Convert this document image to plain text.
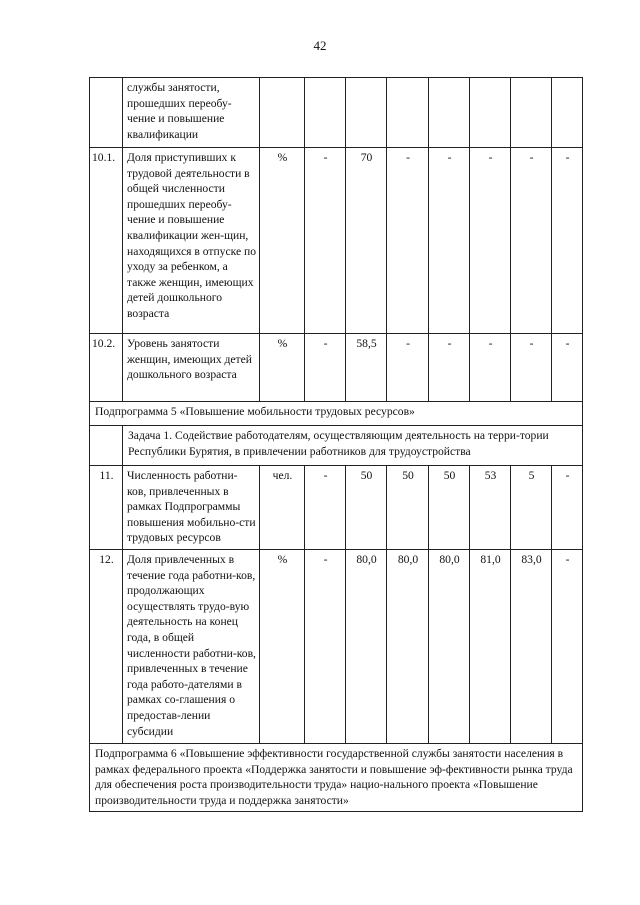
42
	службы занятости, прошедших переобу-чение и повышение квалификации								
10.1.	Доля приступивших к трудовой деятельности в общей численности прошедших переобу-чение и повышение квалификации жен-щин, находящихся в отпуске по уходу за ребенком, а также женщин, имеющих детей дошкольного возраста	%	-	70	-	-	-	-	-
10.2.	Уровень занятости женщин, имеющих детей дошкольного возраста	%	-	58,5	-	-	-	-	-
Подпрограмма 5 «Повышение мобильности трудовых ресурсов»									
	Задача 1. Содействие работодателям, осуществляющим деятельность на терри-тории Республики Бурятия, в привлечении работников для трудоустройства								
11.	Численность работни-ков, привлеченных в рамках Подпрограммы повышения мобильно-сти трудовых ресурсов	чел.	-	50	50	50	53	5	-
12.	Доля привлеченных в течение года работни-ков, продолжающих осуществлять трудо-вую деятельность на конец года, в общей численности работни-ков, привлеченных в течение года работо-дателями в рамках со-глашения о предостав-лении субсидии	%	-	80,0	80,0	80,0	81,0	83,0	-
Подпрограмма 6 «Повышение эффективности государственной службы занятости населения в рамках федерального проекта «Поддержка занятости и повышение эф-фективности рынка труда для обеспечения роста производительности труда» нацио-нального проекта «Повышение производительности труда и поддержка занятости»									
